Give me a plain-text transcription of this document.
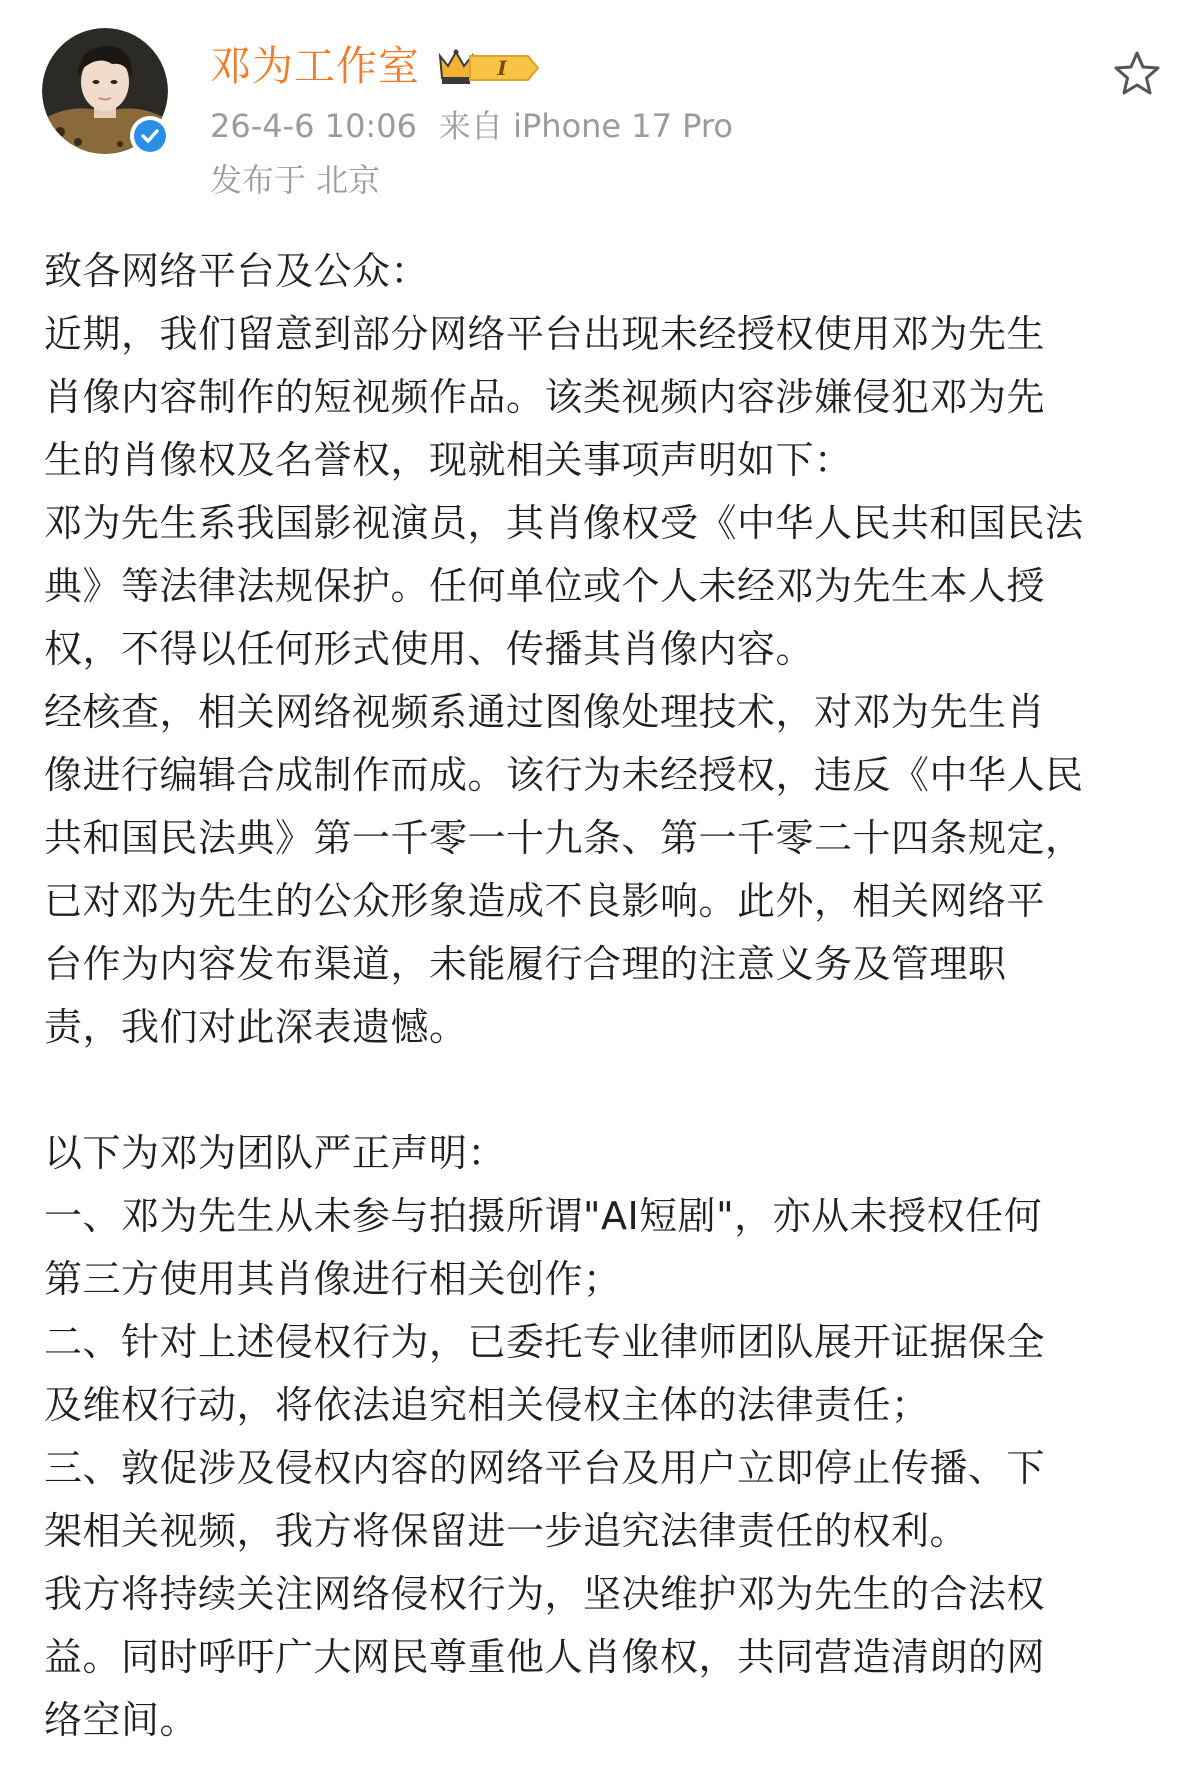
邓为工作室	I
26-4-6 10:06 来自 iPhone 17 Pro
发布于 北京
致各网络平台及公众：
近期，我们留意到部分网络平台出现未经授权使用邓为先生
肖像内容制作的短视频作品。该类视频内容涉嫌侵犯邓为先
生的肖像权及名誉权，现就相关事项声明如下：
邓为先生系我国影视演员，其肖像权受《中华人民共和国民法
典》等法律法规保护。任何单位或个人未经邓为先生本人授
权，不得以任何形式使用、传播其肖像内容。
经核查，相关网络视频系通过图像处理技术，对邓为先生肖
像进行编辑合成制作而成。该行为未经授权，违反《中华人民
共和国民法典》第一千零一十九条、第一千零二十四条规定，
已对邓为先生的公众形象造成不良影响。此外，相关网络平
台作为内容发布渠道，未能履行合理的注意义务及管理职
责，我们对此深表遗憾。
以下为邓为团队严正声明：
一、邓为先生从未参与拍摄所谓"AI短剧"，亦从未授权任何
第三方使用其肖像进行相关创作；
二、针对上述侵权行为，已委托专业律师团队展开证据保全
及维权行动，将依法追究相关侵权主体的法律责任；
三、敦促涉及侵权内容的网络平台及用户立即停止传播、下
架相关视频，我方将保留进一步追究法律责任的权利。
我方将持续关注网络侵权行为，坚决维护邓为先生的合法权
益。同时呼吁广大网民尊重他人肖像权，共同营造清朗的网
络空间。
